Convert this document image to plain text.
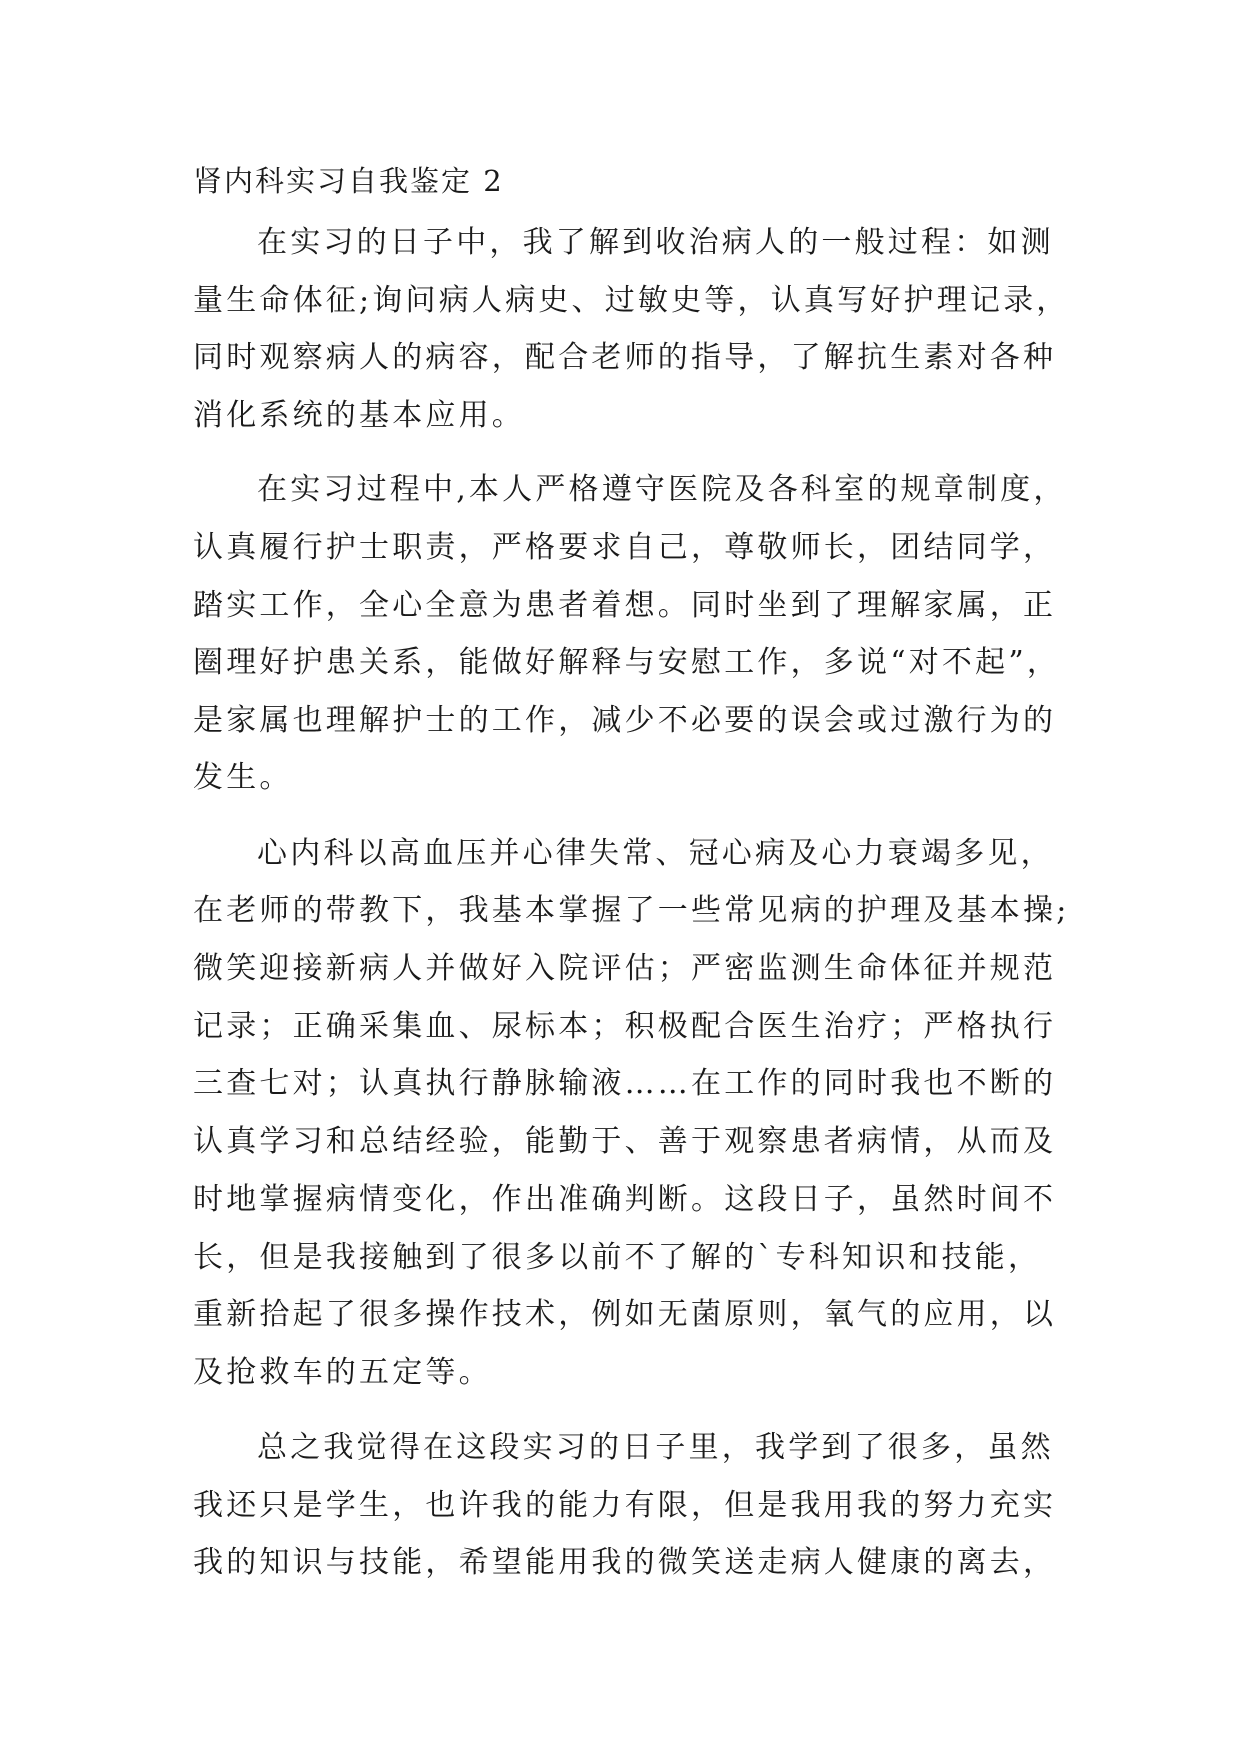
肾内科实习自我鉴定 2
在实习的日子中，我了解到收治病人的一般过程：如测
量生命体征;询问病人病史、过敏史等，认真写好护理记录，
同时观察病人的病容，配合老师的指导，了解抗生素对各种
消化系统的基本应用。
在实习过程中,本人严格遵守医院及各科室的规章制度，
认真履行护士职责，严格要求自己，尊敬师长，团结同学，
踏实工作，全心全意为患者着想。同时坐到了理解家属，正
圈理好护患关系，能做好解释与安慰工作，多说“对不起”，
是家属也理解护士的工作，减少不必要的误会或过激行为的
发生。
心内科以高血压并心律失常、冠心病及心力衰竭多见，
在老师的带教下，我基本掌握了一些常见病的护理及基本操;
微笑迎接新病人并做好入院评估；严密监测生命体征并规范
记录；正确采集血、尿标本；积极配合医生治疗；严格执行
三查七对；认真执行静脉输液……在工作的同时我也不断的
认真学习和总结经验，能勤于、善于观察患者病情，从而及
时地掌握病情变化，作出准确判断。这段日子，虽然时间不
长，但是我接触到了很多以前不了解的`专科知识和技能，
重新拾起了很多操作技术，例如无菌原则，氧气的应用，以
及抢救车的五定等。
总之我觉得在这段实习的日子里，我学到了很多，虽然
我还只是学生，也许我的能力有限，但是我用我的努力充实
我的知识与技能，希望能用我的微笑送走病人健康的离去，
